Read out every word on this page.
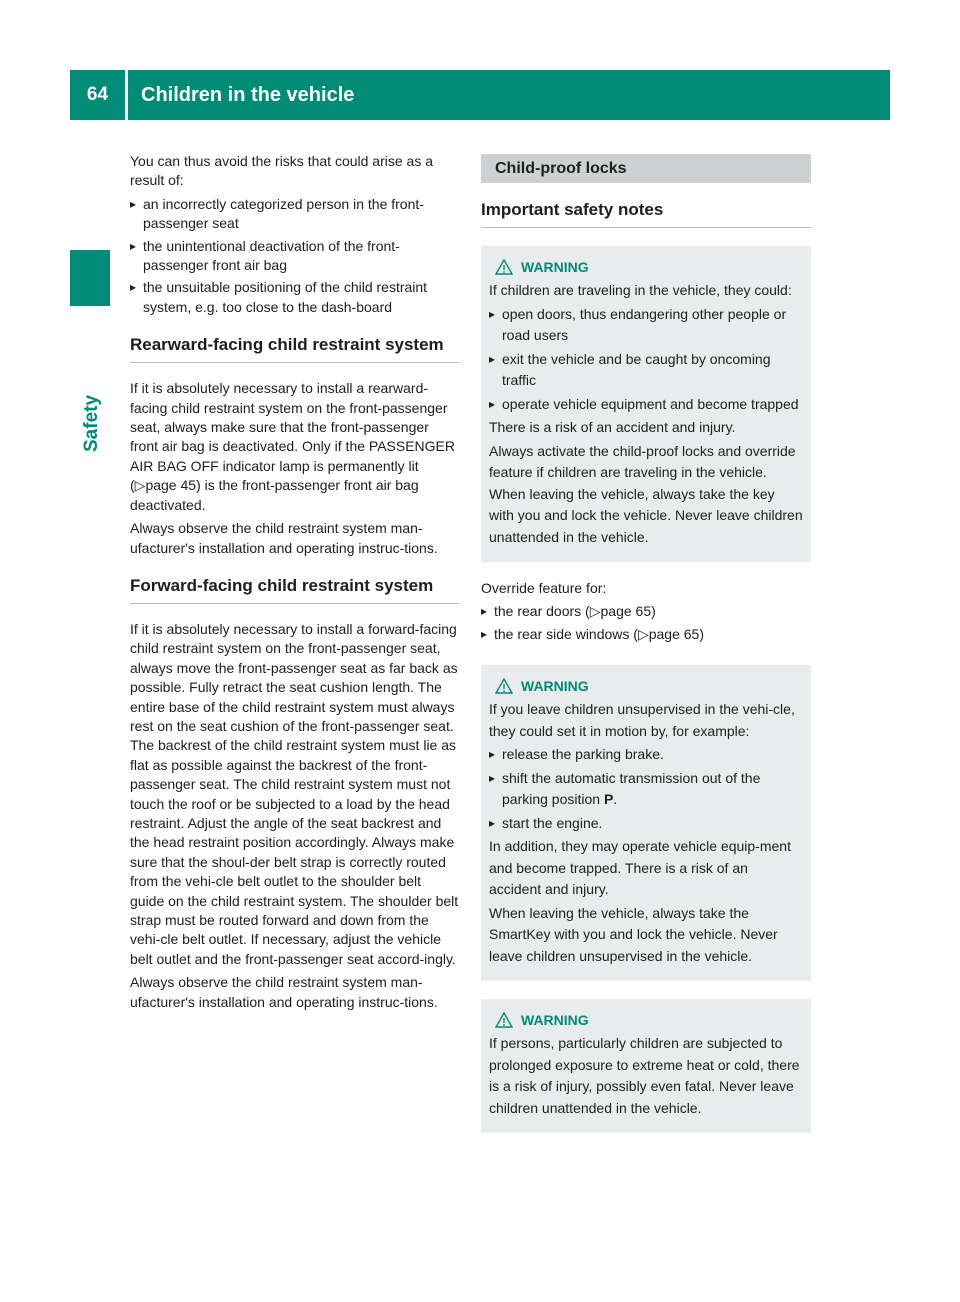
64	Children in the vehicle
Safety

You can thus avoid the risks that could arise as a result of:

▸ an incorrectly categorized person in the front-passenger seat
▸ the unintentional deactivation of the front-passenger front air bag
▸ the unsuitable positioning of the child restraint system, e.g. too close to the dash-board
Rearward-facing child restraint system

If it is absolutely necessary to install a rearward-facing child restraint system on the front-passenger seat, always make sure that the front-passenger front air bag is deactivated. Only if the PASSENGER AIR BAG OFF indicator lamp is permanently lit (▷page 45) is the front-passenger front air bag deactivated.

Always observe the child restraint system man-ufacturer's installation and operating instruc-tions.

Forward-facing child restraint system

If it is absolutely necessary to install a forward-facing child restraint system on the front-passenger seat, always move the front-passenger seat as far back as possible. Fully retract the seat cushion length. The entire base of the child restraint system must always rest on the seat cushion of the front-passenger seat. The backrest of the child restraint system must lie as flat as possible against the backrest of the front-passenger seat. The child restraint system must not touch the roof or be subjected to a load by the head restraint. Adjust the angle of the seat backrest and the head restraint position accordingly. Always make sure that the shoul-der belt strap is correctly routed from the vehi-cle belt outlet to the shoulder belt guide on the child restraint system. The shoulder belt strap must be routed forward and down from the vehi-cle belt outlet. If necessary, adjust the vehicle belt outlet and the front-passenger seat accord-ingly.

Always observe the child restraint system man-ufacturer's installation and operating instruc-tions.

Child-proof locks
Important safety notes
WARNING

If children are traveling in the vehicle, they could:

▸ open doors, thus endangering other people or road users
▸ exit the vehicle and be caught by oncoming traffic
▸ operate vehicle equipment and become trapped

There is a risk of an accident and injury.

Always activate the child-proof locks and override feature if children are traveling in the vehicle. When leaving the vehicle, always take the key with you and lock the vehicle. Never leave children unattended in the vehicle.

Override feature for:

▸ the rear doors (▷page 65)
▸ the rear side windows (▷page 65)
WARNING

If you leave children unsupervised in the vehi-cle, they could set it in motion by, for example:

▸ release the parking brake.
▸ shift the automatic transmission out of the parking position P.
▸ start the engine.

In addition, they may operate vehicle equip-ment and become trapped. There is a risk of an accident and injury.

When leaving the vehicle, always take the SmartKey with you and lock the vehicle. Never leave children unsupervised in the vehicle.

WARNING

If persons, particularly children are subjected to prolonged exposure to extreme heat or cold, there is a risk of injury, possibly even fatal. Never leave children unattended in the vehicle.
